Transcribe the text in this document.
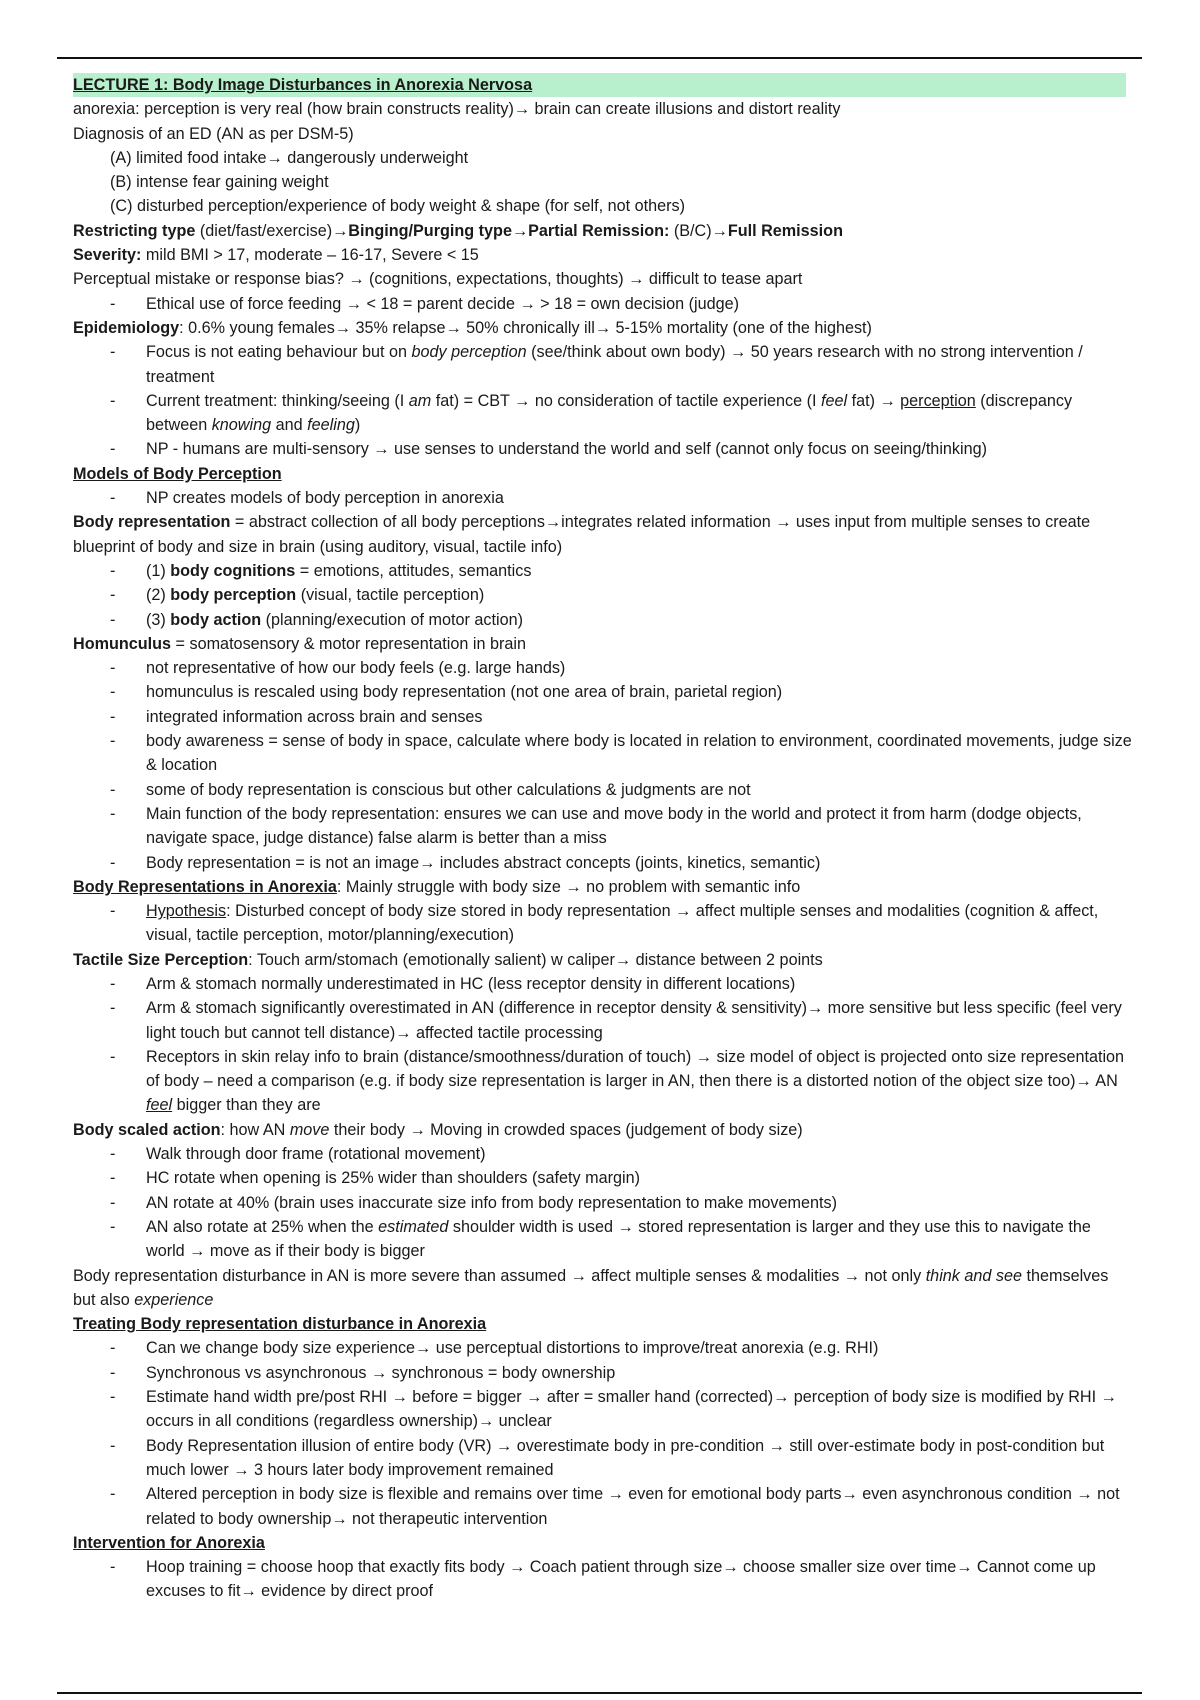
LECTURE 1: Body Image Disturbances in Anorexia Nervosa

anorexia: perception is very real (how brain constructs reality)→ brain can create illusions and distort reality

Diagnosis of an ED (AN as per DSM-5)

(A) limited food intake→ dangerously underweight

(B) intense fear gaining weight

(C) disturbed perception/experience of body weight & shape (for self, not others)

Restricting type (diet/fast/exercise)→Binging/Purging type→Partial Remission: (B/C)→Full Remission

Severity: mild BMI > 17, moderate – 16-17, Severe < 15

Perceptual mistake or response bias? → (cognitions, expectations, thoughts) → difficult to tease apart

- Ethical use of force feeding → < 18 = parent decide → > 18 = own decision (judge)

Epidemiology: 0.6% young females→ 35% relapse→ 50% chronically ill→ 5-15% mortality (one of the highest)

- Focus is not eating behaviour but on body perception (see/think about own body) → 50 years research with no strong intervention / treatment

- Current treatment: thinking/seeing (I am fat) = CBT → no consideration of tactile experience (I feel fat) → perception (discrepancy between knowing and feeling)

- NP - humans are multi-sensory → use senses to understand the world and self (cannot only focus on seeing/thinking)

Models of Body Perception

- NP creates models of body perception in anorexia

Body representation = abstract collection of all body perceptions→integrates related information → uses input from multiple senses to create blueprint of body and size in brain (using auditory, visual, tactile info)

- (1) body cognitions = emotions, attitudes, semantics

- (2) body perception (visual, tactile perception)

- (3) body action (planning/execution of motor action)

Homunculus = somatosensory & motor representation in brain

- not representative of how our body feels (e.g. large hands)

- homunculus is rescaled using body representation (not one area of brain, parietal region)

- integrated information across brain and senses

- body awareness = sense of body in space, calculate where body is located in relation to environment, coordinated movements, judge size & location

- some of body representation is conscious but other calculations & judgments are not

- Main function of the body representation: ensures we can use and move body in the world and protect it from harm (dodge objects, navigate space, judge distance) false alarm is better than a miss

- Body representation = is not an image→ includes abstract concepts (joints, kinetics, semantic)

Body Representations in Anorexia: Mainly struggle with body size → no problem with semantic info

- Hypothesis: Disturbed concept of body size stored in body representation → affect multiple senses and modalities (cognition & affect, visual, tactile perception, motor/planning/execution)

Tactile Size Perception: Touch arm/stomach (emotionally salient) w caliper→ distance between 2 points

- Arm & stomach normally underestimated in HC (less receptor density in different locations)

- Arm & stomach significantly overestimated in AN (difference in receptor density & sensitivity)→ more sensitive but less specific (feel very light touch but cannot tell distance)→ affected tactile processing

- Receptors in skin relay info to brain (distance/smoothness/duration of touch) → size model of object is projected onto size representation of body – need a comparison (e.g. if body size representation is larger in AN, then there is a distorted notion of the object size too)→ AN feel bigger than they are

Body scaled action: how AN move their body → Moving in crowded spaces (judgement of body size)

- Walk through door frame (rotational movement)

- HC rotate when opening is 25% wider than shoulders (safety margin)

- AN rotate at 40% (brain uses inaccurate size info from body representation to make movements)

- AN also rotate at 25% when the estimated shoulder width is used → stored representation is larger and they use this to navigate the world → move as if their body is bigger

Body representation disturbance in AN is more severe than assumed → affect multiple senses & modalities → not only think and see themselves but also experience

Treating Body representation disturbance in Anorexia

- Can we change body size experience→ use perceptual distortions to improve/treat anorexia (e.g. RHI)

- Synchronous vs asynchronous → synchronous = body ownership

- Estimate hand width pre/post RHI → before = bigger → after = smaller hand (corrected)→ perception of body size is modified by RHI → occurs in all conditions (regardless ownership)→ unclear

- Body Representation illusion of entire body (VR) → overestimate body in pre-condition → still over-estimate body in post-condition but much lower → 3 hours later body improvement remained

- Altered perception in body size is flexible and remains over time → even for emotional body parts→ even asynchronous condition → not related to body ownership→ not therapeutic intervention

Intervention for Anorexia

- Hoop training = choose hoop that exactly fits body → Coach patient through size→ choose smaller size over time→ Cannot come up excuses to fit→ evidence by direct proof
